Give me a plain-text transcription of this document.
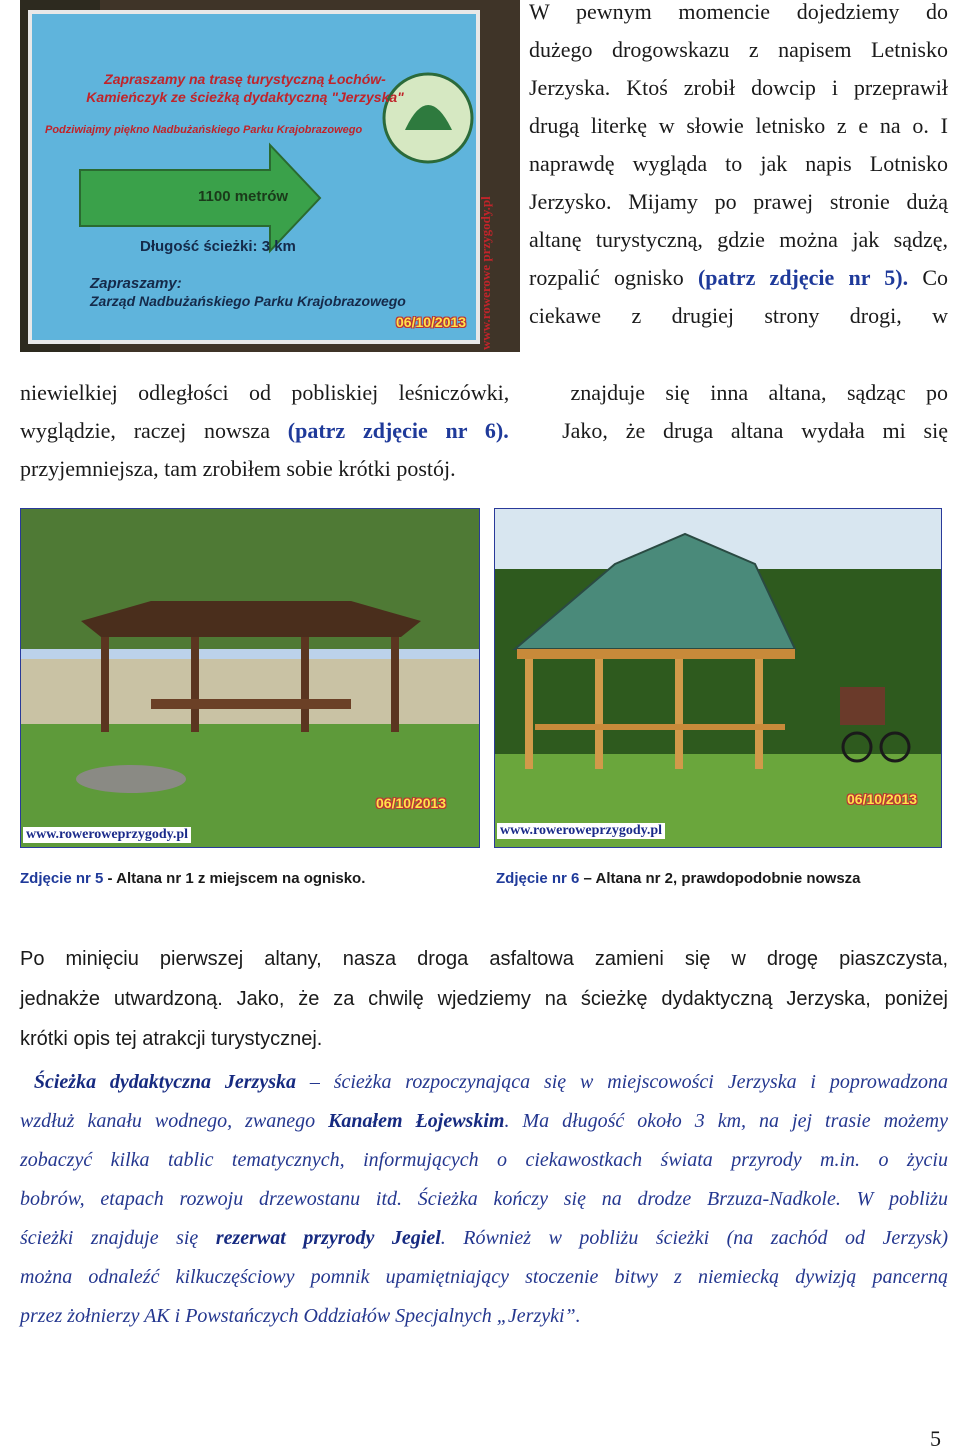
Zapraszamy na trasę turystyczną Łochów-Kamieńczyk ze ścieżką dydaktyczną "Jerzyska"
Podziwiajmy piękno Nadbużańskiego Parku Krajobrazowego
1100 metrów
Długość ścieżki: 3 km
Zapraszamy:
Zarząd Nadbużańskiego Parku Krajobrazowego
06/10/2013 www.rowerowe przygody.pl
W pewnym momencie dojedziemy do
dużego drogowskazu z napisem Letnisko
Jerzyska. Ktoś zrobił dowcip i przeprawił
drugą literkę w słowie letnisko z e na o. I
naprawdę wygląda to jak napis Lotnisko
Jerzysko. Mijamy po prawej stronie dużą
altanę turystyczną, gdzie można jak sądzę,
rozpalić ognisko (patrz zdjęcie nr 5). Co
ciekawe z drugiej strony drogi, w
niewielkiej odległości od pobliskiej leśniczówki,   znajduje się inna altana, sądząc po
wyglądzie, raczej nowsza (patrz zdjęcie nr 6). Jako, że druga altana wydała mi się
przyjemniejsza, tam zrobiłem sobie krótki postój.
06/10/2013
www.rowerowеprzygody.pl
06/10/2013
www.rowerowеprzygody.pl
Zdjęcie nr 5 - Altana nr 1 z miejscem na ognisko.	Zdjęcie nr 6 – Altana nr 2, prawdopodobnie nowsza
Po minięciu pierwszej altany, nasza droga asfaltowa zamieni się w drogę piaszczysta,
jednakże utwardzoną. Jako, że za chwilę wjedziemy na ścieżkę dydaktyczną Jerzyska, poniżej
krótki opis tej atrakcji turystycznej.
Ścieżka dydaktyczna Jerzyska – ścieżka rozpoczynająca się w miejscowości Jerzyska i poprowadzona
wzdłuż kanału wodnego, zwanego Kanałem Łojewskim. Ma długość około 3 km, na jej trasie możemy
zobaczyć kilka tablic tematycznych, informujących o ciekawostkach świata przyrody m.in. o życiu
bobrów, etapach rozwoju drzewostanu itd. Ścieżka kończy się na drodze Brzuza-Nadkole. W pobliżu
ścieżki znajduje się rezerwat przyrody Jegiel. Również w pobliżu ścieżki (na zachód od Jerzysk)
można odnaleźć kilkuczęściowy pomnik upamiętniający stoczenie bitwy z niemiecką dywizją pancerną
przez żołnierzy AK i Powstańczych Oddziałów Specjalnych „Jerzyki”.
5
